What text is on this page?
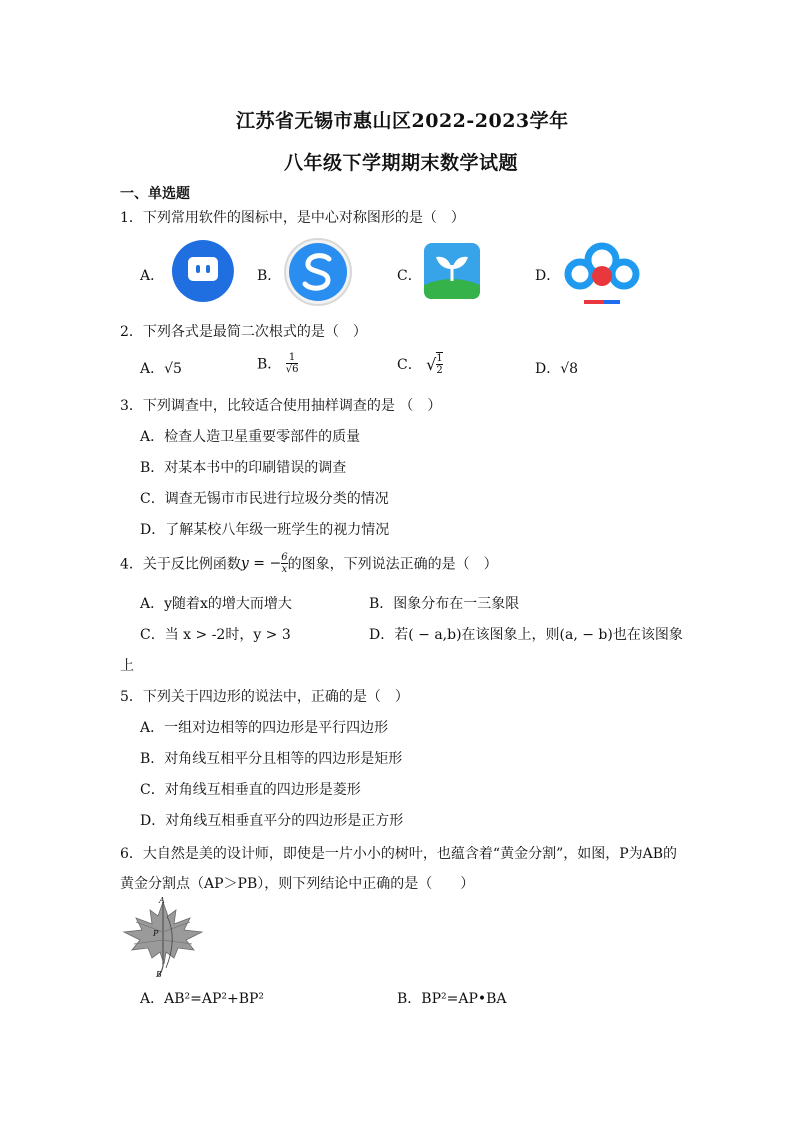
江苏省无锡市惠山区2022-2023学年
八年级下学期期末数学试题
一、单选题
1．下列常用软件的图标中，是中心对称图形的是（　）
A．	B．	C．	D．
2．下列各式是最简二次根式的是（　）
A．√5	B． $\frac{1}{√6}$	C． √ $\frac{1}{2}$	D．√8
3．下列调查中，比较适合使用抽样调查的是 （　）
A．检查人造卫星重要零部件的质量
B．对某本书中的印刷错误的调查
C．调查无锡市市民进行垃圾分类的情况
D．了解某校八年级一班学生的视力情况
4．关于反比例函数y = − $\frac{6}{x}$ 的图象，下列说法正确的是（　）
A．y随着x的增大而增大	B．图象分布在一三象限
C．当 x > -2时，y > 3	D．若( − a,b)在该图象上，则(a, − b)也在该图象
上
5．下列关于四边形的说法中，正确的是（　）
A．一组对边相等的四边形是平行四边形
B．对角线互相平分且相等的四边形是矩形
C．对角线互相垂直的四边形是菱形
D．对角线互相垂直平分的四边形是正方形
6．大自然是美的设计师，即使是一片小小的树叶，也蕴含着“黄金分割”，如图，P为AB的
黄金分割点（AP＞PB），则下列结论中正确的是（　　）
A
P
B
A．AB²=AP²+BP²	B．BP²=AP•BA
